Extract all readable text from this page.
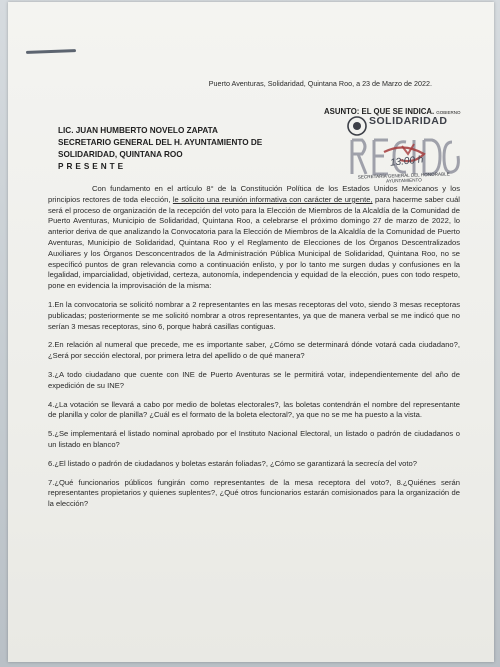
Puerto Aventuras, Solidaridad, Quintana Roo, a 23 de Marzo de 2022.
ASUNTO: EL QUE SE INDICA. GOBIERNO
SOLIDARIDAD
13:00 h
SECRETARÍA GENERAL DEL HONORABLE AYUNTAMIENTO
LIC. JUAN HUMBERTO NOVELO ZAPATA
SECRETARIO GENERAL DEL H. AYUNTAMIENTO DE
SOLIDARIDAD, QUINTANA ROO
PRESENTE

Con fundamento en el artículo 8° de la Constitución Política de los Estados Unidos Mexicanos y los principios rectores de toda elección, le solicito una reunión informativa con carácter de urgente, para hacerme saber cuál será el proceso de organización de la recepción del voto para la Elección de Miembros de la Alcaldía de la Comunidad de Puerto Aventuras, Municipio de Solidaridad, Quintana Roo, a celebrarse el próximo domingo 27 de marzo de 2022, lo anterior deriva de que analizando la Convocatoria para la Elección de Miembros de la Alcaldía de la Comunidad de Puerto Aventuras, Municipio de Solidaridad, Quintana Roo y el Reglamento de Elecciones de los Órganos Descentralizados Auxiliares y los Órganos Desconcentrados de la Administración Pública Municipal de Solidaridad, Quintana Roo, no se específicó puntos de gran relevancia como a continuación enlisto, y por lo tanto me surgen dudas y confusiones en la legalidad, imparcialidad, objetividad, certeza, autonomía, independencia y equidad de la elección, pues con todo respeto, pone en evidencia la improvisación de la misma:

1.En la convocatoria se solicitó nombrar a 2 representantes en las mesas receptoras del voto, siendo 3 mesas receptoras publicadas; posteriormente se me solicitó nombrar a otros representantes, ya que de manera verbal se me indicó que no serían 3 mesas receptoras, sino 6, porque habrá casillas contiguas.

2.En relación al numeral que precede, me es importante saber, ¿Cómo se determinará dónde votará cada ciudadano?, ¿Será por sección electoral, por primera letra del apellido o de qué manera?

3.¿A todo ciudadano que cuente con INE de Puerto Aventuras se le permitirá votar, independientemente del año de expedición de su INE?

4.¿La votación se llevará a cabo por medio de boletas electorales?, las boletas contendrán el nombre del representante de planilla y color de planilla? ¿Cuál es el formato de la boleta electoral?, ya que no se me ha puesto a la vista.

5.¿Se implementará el listado nominal aprobado por el Instituto Nacional Electoral, un listado o padrón de ciudadanos o un listado en blanco?

6.¿El listado o padrón de ciudadanos y boletas estarán foliadas?, ¿Cómo se garantizará la secrecía del voto?

7.¿Qué funcionarios públicos fungirán como representantes de la mesa receptora del voto?, 8.¿Quiénes serán representantes propietarios y quienes suplentes?, ¿Qué otros funcionarios estarán comisionados para la organización de la elección?
